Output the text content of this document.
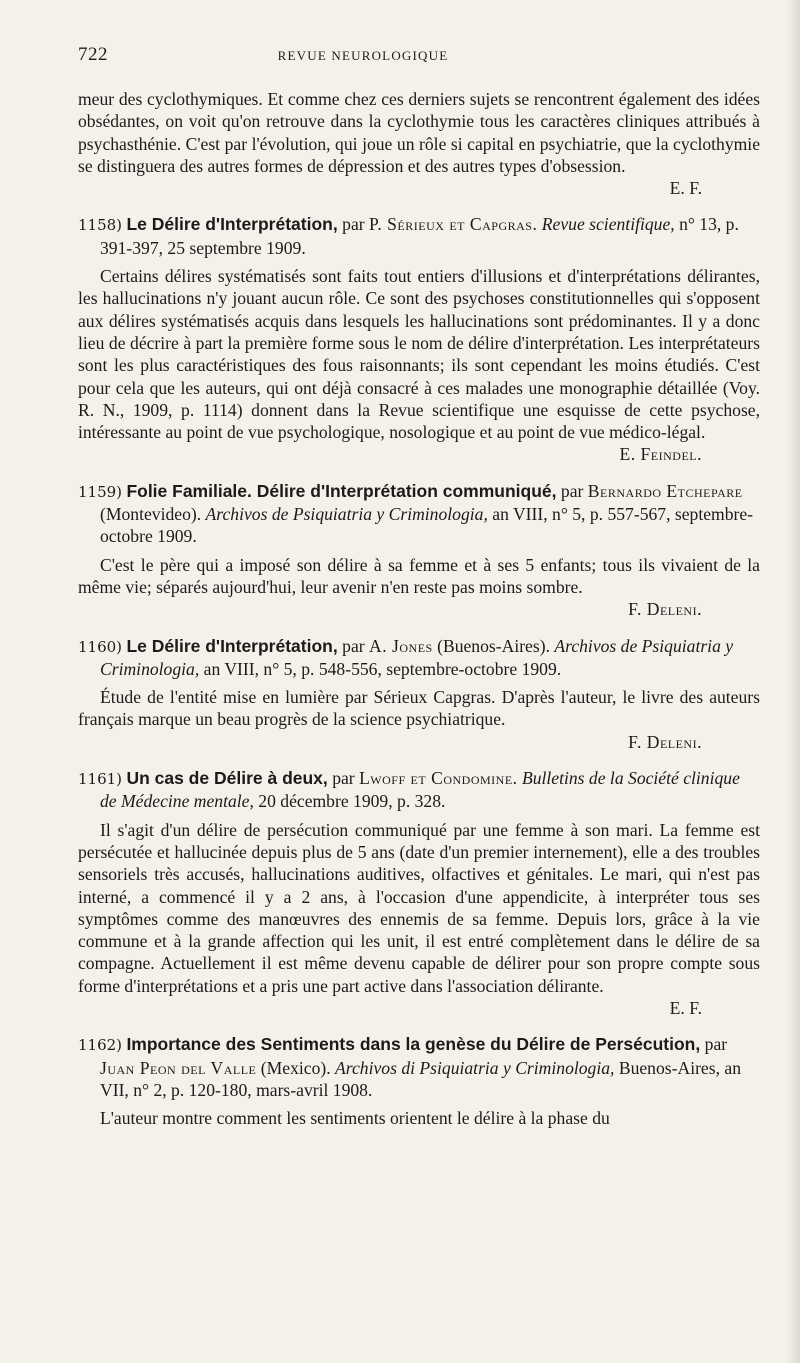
722	REVUE NEUROLOGIQUE

meur des cyclothymiques. Et comme chez ces derniers sujets se rencontrent également des idées obsédantes, on voit qu'on retrouve dans la cyclothymie tous les caractères cliniques attribués à psychasthénie. C'est par l'évolution, qui joue un rôle si capital en psychiatrie, que la cyclothymie se distinguera des autres formes de dépression et des autres types d'obsession.

E. F.

1158) Le Délire d'Interprétation, par P. Sérieux et Capgras. Revue scientifique, n° 13, p. 391-397, 25 septembre 1909.

Certains délires systématisés sont faits tout entiers d'illusions et d'interprétations délirantes, les hallucinations n'y jouant aucun rôle. Ce sont des psychoses constitutionnelles qui s'opposent aux délires systématisés acquis dans lesquels les hallucinations sont prédominantes. Il y a donc lieu de décrire à part la première forme sous le nom de délire d'interprétation. Les interprétateurs sont les plus caractéristiques des fous raisonnants; ils sont cependant les moins étudiés. C'est pour cela que les auteurs, qui ont déjà consacré à ces malades une monographie détaillée (Voy. R. N., 1909, p. 1114) donnent dans la Revue scientifique une esquisse de cette psychose, intéressante au point de vue psychologique, nosologique et au point de vue médico-légal.

E. Feindel.

1159) Folie Familiale. Délire d'Interprétation communiqué, par Bernardo Etchepare (Montevideo). Archivos de Psiquiatria y Criminologia, an VIII, n° 5, p. 557-567, septembre-octobre 1909.

C'est le père qui a imposé son délire à sa femme et à ses 5 enfants; tous ils vivaient de la même vie; séparés aujourd'hui, leur avenir n'en reste pas moins sombre.

F. Deleni.

1160) Le Délire d'Interprétation, par A. Jones (Buenos-Aires). Archivos de Psiquiatria y Criminologia, an VIII, n° 5, p. 548-556, septembre-octobre 1909.

Étude de l'entité mise en lumière par Sérieux Capgras. D'après l'auteur, le livre des auteurs français marque un beau progrès de la science psychiatrique.

F. Deleni.

1161) Un cas de Délire à deux, par Lwoff et Condomine. Bulletins de la Société clinique de Médecine mentale, 20 décembre 1909, p. 328.

Il s'agit d'un délire de persécution communiqué par une femme à son mari. La femme est persécutée et hallucinée depuis plus de 5 ans (date d'un premier internement), elle a des troubles sensoriels très accusés, hallucinations auditives, olfactives et génitales. Le mari, qui n'est pas interné, a commencé il y a 2 ans, à l'occasion d'une appendicite, à interpréter tous ses symptômes comme des manœuvres des ennemis de sa femme. Depuis lors, grâce à la vie commune et à la grande affection qui les unit, il est entré complètement dans le délire de sa compagne. Actuellement il est même devenu capable de délirer pour son propre compte sous forme d'interprétations et a pris une part active dans l'association délirante.

E. F.

1162) Importance des Sentiments dans la genèse du Délire de Persécution, par Juan Peon del Valle (Mexico). Archivos di Psiquiatria y Criminologia, Buenos-Aires, an VII, n° 2, p. 120-180, mars-avril 1908.

L'auteur montre comment les sentiments orientent le délire à la phase du
